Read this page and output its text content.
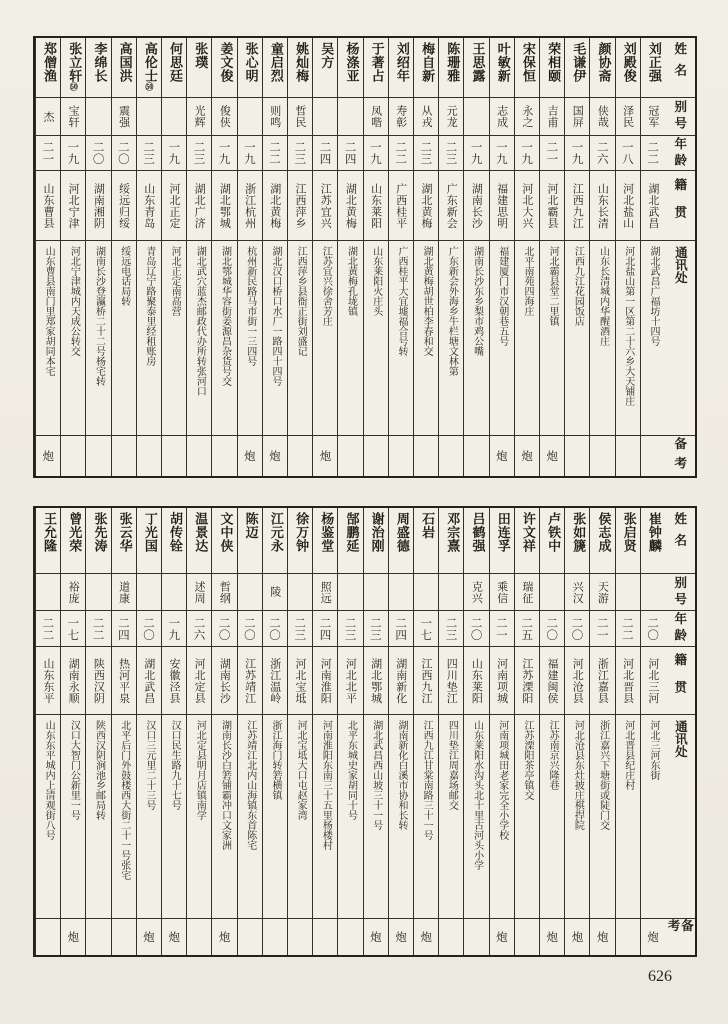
姓名
别号
年龄
籍贯
通讯处
备考
刘正强
冠军
二二
湖北武昌
湖北武昌广福坊十四号
刘殿俊
泽民
一八
河北盐山
河北盐山第一区第二十六乡大天铺庄
颜协斋
侠哉
二六
山东长清
山东长清城内华醒酒庄
毛谦伊
国屏
一九
江西九江
江西九江花园饭店
荣相颐
吉甫
二一
河北霸县
河北霸县堂二里镇
炮
宋保恒
永之
一九
河北大兴
北平南苑四海庄
炮
叶敏新
志成
一九
福建思明
福建厦门市汉朝巷五号
炮
王思露
一九
湖南长沙
湖南长沙东乡梨市鸡公嘴
陈珊雅
元龙
二三
广东新会
广东新会外海乡牛栏塘文林第
梅自新
从戎
二三
湖北黄梅
湖北黄梅胡世柏李春和交
刘绍年
寿彰
二二
广西桂平
广西桂平大宜墟福合号转
于著占
凤喈
一九
山东莱阳
山东莱阳火庄头
杨涤亚
二四
湖北黄梅
湖北黄梅孔垅镇
吴方
二四
江苏宜兴
江苏宜兴徐舍芳庄
炮
姚灿梅
哲民
二三
江西萍乡
江西萍乡县衙正街刘盛记
童启烈
则鸣
二二
湖北黄梅
湖北汉口桥口水厂一路四十四号
炮
张心明
一九
浙江杭州
杭州新民路马市街一三四号
炮
姜文俊
俊侠
一九
湖北鄂城
湖北鄂城华容街姜源昌杂货号交
张璞
光辉
二三
湖北广济
湖北武穴蓝杰邮政代办所转张河口
何思廷
一九
河北正定
河北正定南高营
高伦士㊿
二三
山东青岛
青岛辽宁路聚泰里经租账房
高国洪
震强
二〇
绥远归绥
绥远电话局转
李绵长
二〇
湖南湘阴
湖南长沙登瀛桥二十二号杨宅转
张立轩㊿
宝轩
一九
河北宁津
河北宁津城内天成公转交
郑僧渔
杰
二一
山东曹县
山东曹县南门里郑家胡同本宅
炮
姓名
别号
年龄
籍贯
通讯处
备考
崔钟麟
二〇
河北三河
河北三河东街
炮
张启贤
二二
河北晋县
河北晋县纪庄村
侯志成
天游
二一
浙江嘉县
浙江嘉兴下塘街或陡门交
炮
张如篪
兴汉
二〇
河北沧县
河北沧县东灶披庄棋捍院
炮
卢铁中
二〇
福建闽侯
江苏南京兴隆巷
炮
许文祥
瑞征
二五
江苏溧阳
江苏溧阳茶亭镇交
田连孚
乘信
二一
河南项城
河南项城田老家完全小学校
炮
吕鹤强
克兴
二〇
山东莱阳
山东莱阳水沟头北十里古河头小学
邓宗熹
二三
四川垫江
四川垫江周嘉场邮交
石岩
一七
江西九江
江西九江甘棠南路三十一号
炮
周盛德
二四
湖南新化
湖南新化白溪市协和长转
炮
谢治刚
二三
湖北鄂城
湖北武昌西山坡三十一号
炮
郜鹏延
二三
河北北平
北平东城史家胡同十号
杨鉴堂
照远
二四
河南淮阳
河南淮阳东南三十五里杨楼村
徐万钟
二三
河北宝坻
河北宝坻大口屯赵家湾
江元永
陵
二〇
浙江温岭
浙江海门转箬横镇
陈迈
二〇
江苏靖江
江苏靖江北内山海镇东首陈宅
文中侠
哲纲
二〇
湖南长沙
湖南长沙白箬铺霸冲口文家洲
炮
温景达
述周
二六
河北定县
河北定县明月店镇南学
胡传铨
一九
安徽泾县
汉口民生路九十七号
炮
丁光国
二〇
湖北武昌
汉口三元里二十三号
炮
张云华
道康
二四
热河平泉
北平后门外鼓楼西大街二十一号张宅
张先涛
二二
陕西汉阴
陕西汉阴涧池乡邮局转
曾光荣
裕庞
一七
湖南永顺
汉口大智门公新里一号
炮
王允隆
二二
山东东平
山东东平城内上清观街八号
626
